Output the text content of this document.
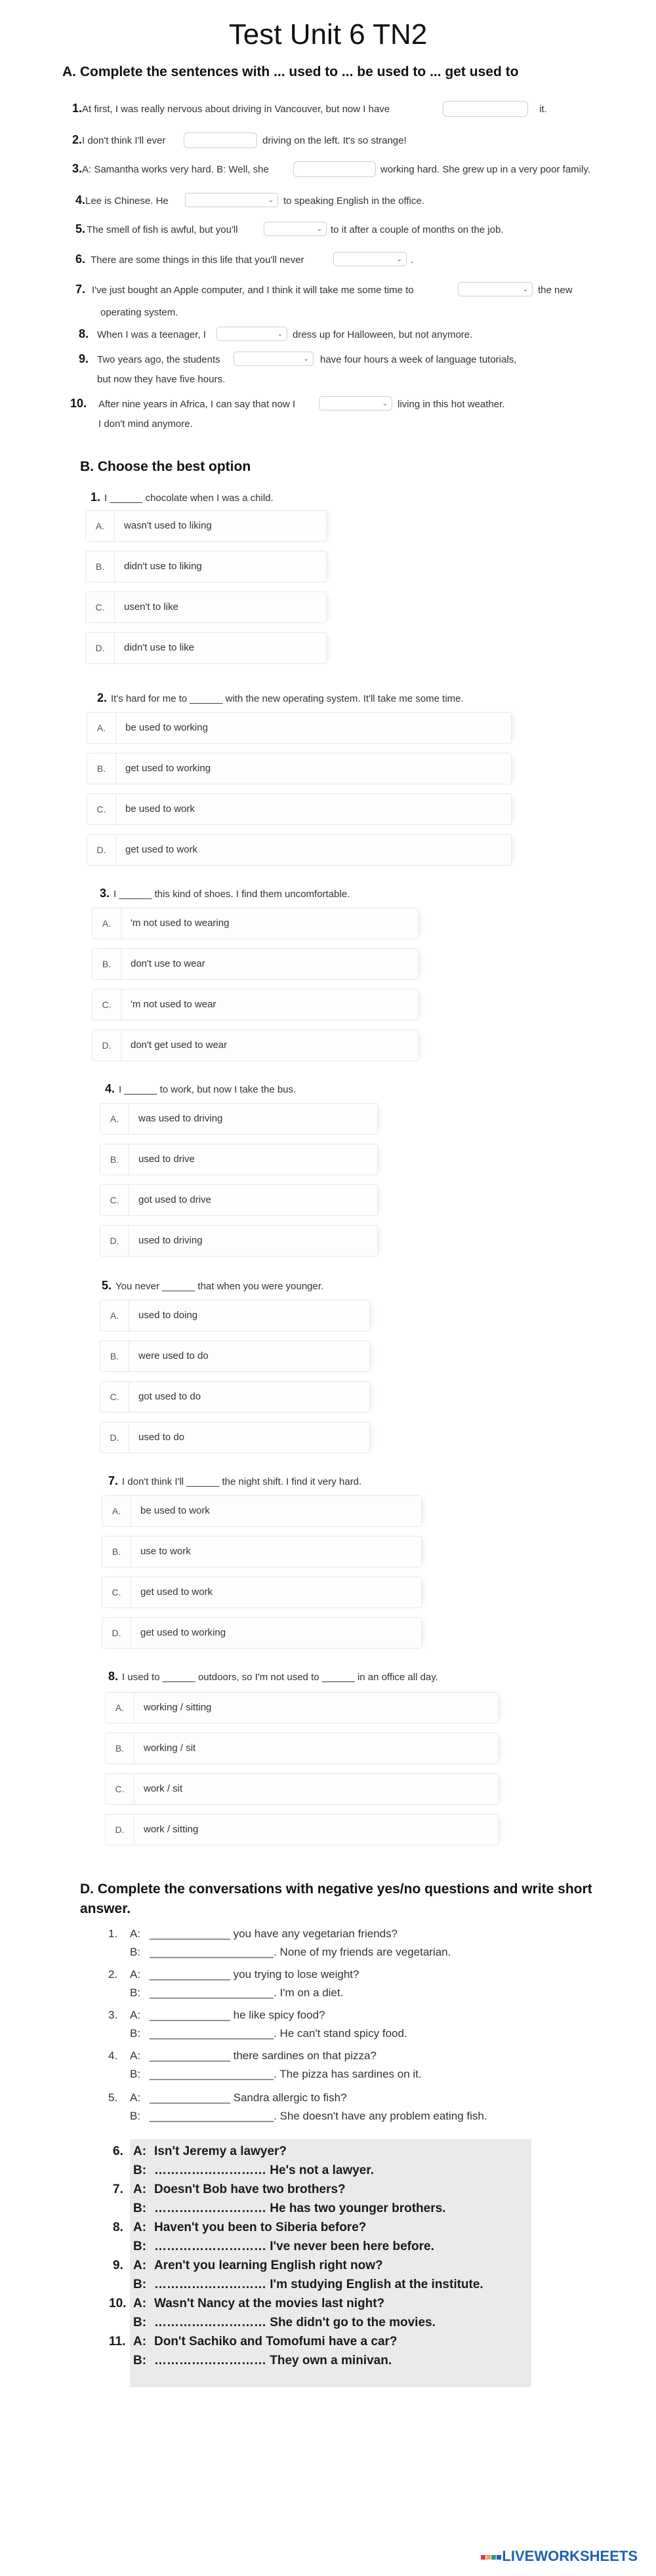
Test Unit 6 TN2
A. Complete the sentences with ... used to ... be used to ... get used to
1. At first, I was really nervous about driving in Vancouver, but now I have	it.
2. I don't think I'll ever	driving on the left. It's so strange!
3. A: Samantha works very hard. B: Well, she	working hard. She grew up in a very poor family.
4. Lee is Chinese. He	⌄	to speaking English in the office.
5. The smell of fish is awful, but you'll	⌄ to it after a couple of months on the job.
6. There are some things in this life that you'll never	⌄ .
7. I've just bought an Apple computer, and I think it will take me some time to	⌄	the new
operating system.
8. When I was a teenager, I	⌄	dress up for Halloween, but not anymore.
9. Two years ago, the students	⌄	have four hours a week of language tutorials,
but now they have five hours.
10. After nine years in Africa, I can say that now I	⌄	living in this hot weather.
I don't mind anymore.
B. Choose the best option
1. I ______ chocolate when I was a child.
A.	wasn't used to liking
B.	didn't use to liking
C.	usen't to like
D.	didn't use to like
2. It's hard for me to ______ with the new operating system. It'll take me some time.
A.	be used to working
B.	get used to working
C.	be used to work
D.	get used to work
3. I ______ this kind of shoes. I find them uncomfortable.
A.	'm not used to wearing
B.	don't use to wear
C.	'm not used to wear
D.	don't get used to wear
4. I ______ to work, but now I take the bus.
A.	was used to driving
B.	used to drive
C.	got used to drive
D.	used to driving
5. You never ______ that when you were younger.
A.	used to doing
B.	were used to do
C.	got used to do
D.	used to do
7. I don't think I'll ______ the night shift. I find it very hard.
A.	be used to work
B.	use to work
C.	get used to work
D.	get used to working
8. I used to ______ outdoors, so I'm not used to ______ in an office all day.
A.	working / sitting
B.	working / sit
C.	work / sit
D.	work / sitting
D. Complete the conversations with negative yes/no questions and write short answer.
1. A: _____________ you have any vegetarian friends?
B: ____________________. None of my friends are vegetarian.
2. A: _____________ you trying to lose weight?
B: ____________________. I'm on a diet.
3. A: _____________ he like spicy food?
B: ____________________. He can't stand spicy food.
4. A: _____________ there sardines on that pizza?
B: ____________________. The pizza has sardines on it.
5. A: _____________ Sandra allergic to fish?
B: ____________________. She doesn't have any problem eating fish.
6. A: Isn't Jeremy a lawyer?
B: ……………………… He's not a lawyer.
7. A: Doesn't Bob have two brothers?
B: ……………………… He has two younger brothers.
8. A: Haven't you been to Siberia before?
B: ……………………… I've never been here before.
9. A: Aren't you learning English right now?
B: ……………………… I'm studying English at the institute.
10. A: Wasn't Nancy at the movies last night?
B: ……………………… She didn't go to the movies.
11. A: Don't Sachiko and Tomofumi have a car?
B: ……………………… They own a minivan.
LIVEWORKSHEETS
